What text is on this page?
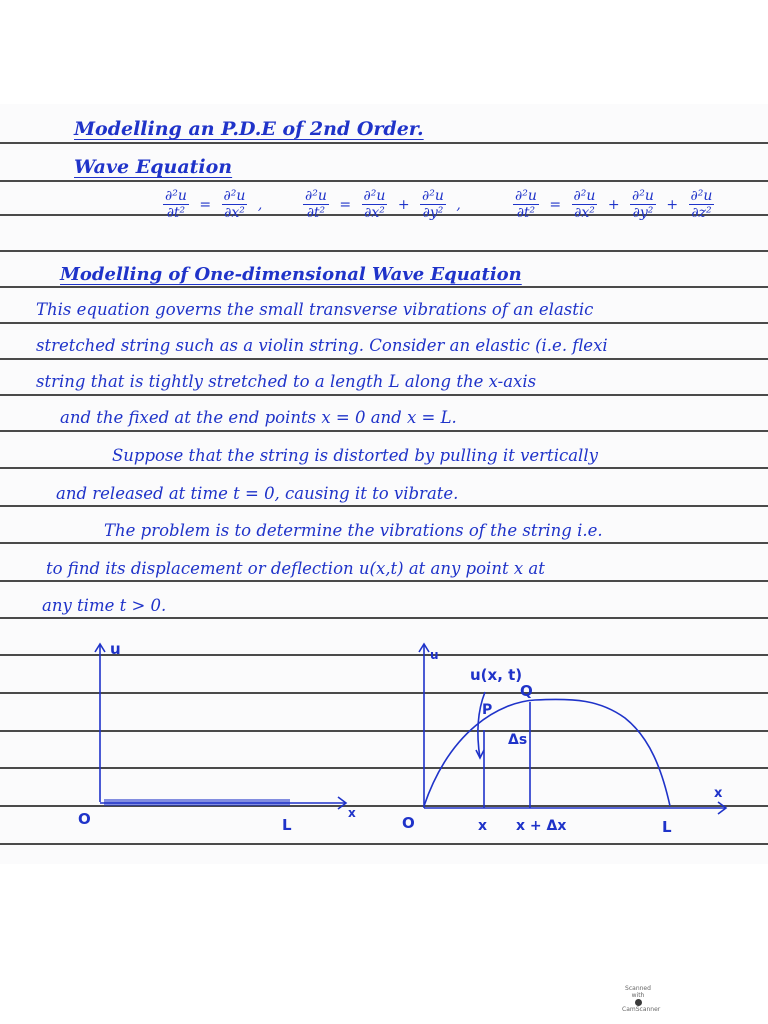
Modelling an P.D.E of 2nd Order.
Wave Equation
$\frac{\text{∂²u}}{\text{∂t²}} = \frac{\text{∂²u}}{\text{∂x²}}$ ,	$\frac{\text{∂²u}}{\text{∂t²}} = \frac{\text{∂²u}}{\text{∂x²}} + \frac{\text{∂²u}}{\text{∂y²}}$ ,	$\frac{\text{∂²u}}{\text{∂t²}} = \frac{\text{∂²u}}{\text{∂x²}} + \frac{\text{∂²u}}{\text{∂y²}} + \frac{\text{∂²u}}{\text{∂z²}}$
Modelling of One-dimensional Wave Equation
This equation governs the small transverse vibrations of an elastic
stretched string such as a violin string. Consider an elastic (i.e. flexi
string that is tightly stretched to a length L along the x-axis
and the fixed at the end points x = 0 and x = L.
Suppose that the string is distorted by pulling it vertically
and released at time t = 0, causing it to vibrate.
The problem is to determine the vibrations of the string i.e.
to find its displacement or deflection u(x,t) at any point x at
any time t > 0.
u
O	L
x
u
u(x, t)
P
Q
Δs
O	x x + Δx	L
x
Scanned with
CamScanner
